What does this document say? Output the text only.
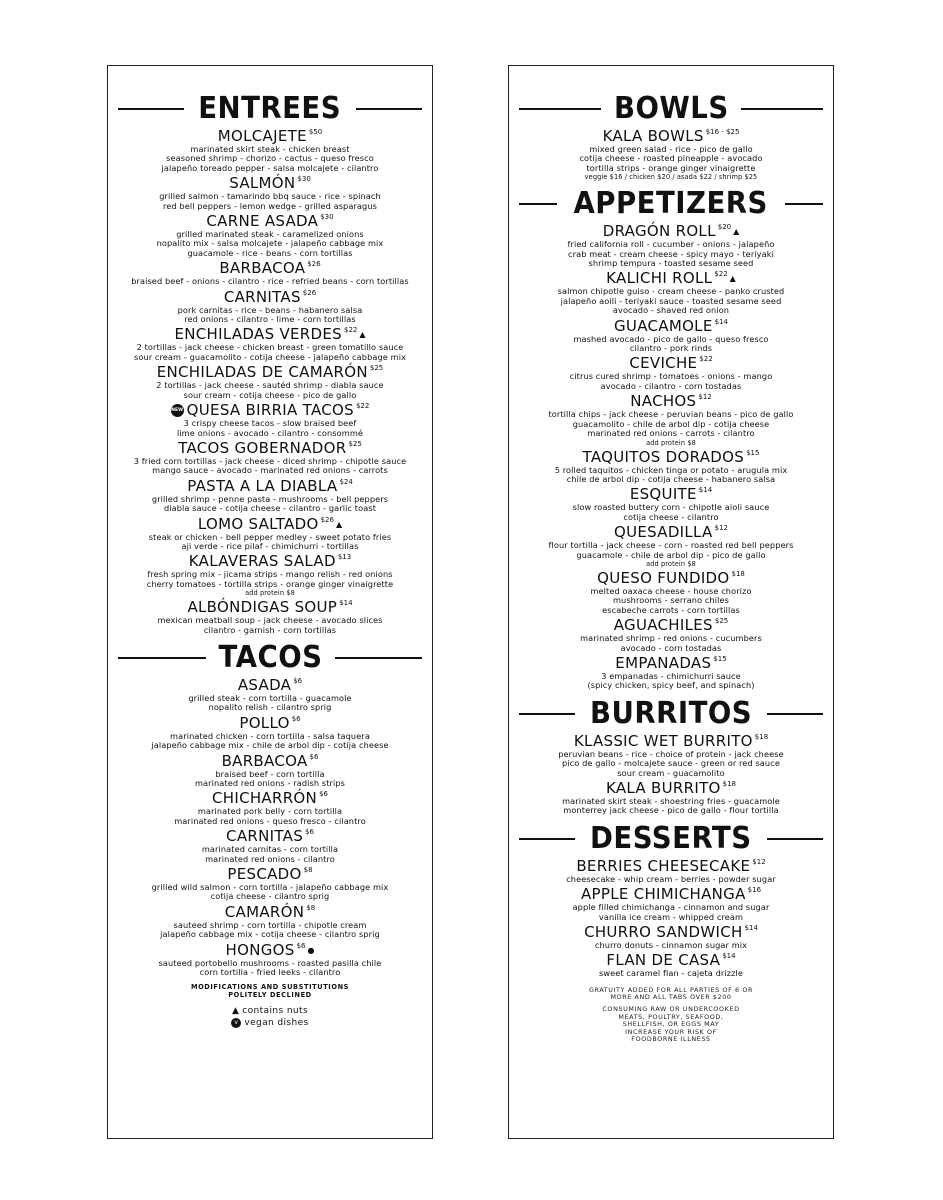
ENTREES
MOLCAJETE $^{\$50}$
marinated skirt steak - chicken breast
seasoned shrimp - chorizo - cactus - queso fresco
jalapeño toreado pepper - salsa molcajete - cilantro
SALMÓN $^{\$30}$
grilled salmon - tamarindo bbq sauce - rice - spinach
red bell peppers - lemon wedge - grilled asparagus
CARNE ASADA $^{\$30}$
grilled marinated steak - caramelized onions
nopalito mix - salsa molcajete - jalapeño cabbage mix
guacamole - rice - beans - corn tortillas
BARBACOA $^{\$26}$
braised beef - onions - cilantro - rice - refried beans - corn tortillas
CARNITAS $^{\$26}$
pork carnitas - rice - beans - habanero salsa
red onions - cilantro - lime - corn tortillas
ENCHILADAS VERDES $^{\$22}$ ▲
2 tortillas - jack cheese - chicken breast - green tomatillo sauce
sour cream - guacamolito - cotija cheese - jalapeño cabbage mix
ENCHILADAS DE CAMARÓN $^{\$25}$
2 tortillas - jack cheese - sautéd shrimp - diabla sauce
sour cream - cotija cheese - pico de gallo
NEW QUESA BIRRIA TACOS $^{\$22}$
3 crispy cheese tacos - slow braised beef
lime onions - avocado - cilantro - consommé
TACOS GOBERNADOR $^{\$25}$
3 fried corn tortillas - jack cheese - diced shrimp - chipotle sauce
mango sauce - avocado - marinated red onions - carrots
PASTA A LA DIABLA $^{\$24}$
grilled shrimp - penne pasta - mushrooms - bell peppers
diabla sauce - cotija cheese - cilantro - garlic toast
LOMO SALTADO $^{\$26}$ ▲
steak or chicken - bell pepper medley - sweet potato fries
aji verde - rice pilaf - chimichurri - tortillas
KALAVERAS SALAD $^{\$13}$
fresh spring mix - jicama strips - mango relish - red onions
cherry tomatoes - tortilla strips - orange ginger vinaigrette
add protein $8
ALBÓNDIGAS SOUP $^{\$14}$
mexican meatball soup - jack cheese - avocado slices
cilantro - garnish - corn tortillas
TACOS
ASADA $^{\$6}$
grilled steak - corn tortilla - guacamole
nopalito relish - cilantro sprig
POLLO $^{\$6}$
marinated chicken - corn tortilla - salsa taquera
jalapeño cabbage mix - chile de arbol dip - cotija cheese
BARBACOA $^{\$6}$
braised beef - corn tortilla
marinated red onions - radish strips
CHICHARRÓN $^{\$6}$
marinated pork belly - corn tortilla
marinated red onions - queso fresco - cilantro
CARNITAS $^{\$6}$
marinated carnitas - corn tortilla
marinated red onions - cilantro
PESCADO $^{\$8}$
grilled wild salmon - corn tortilla - jalapeño cabbage mix
cotija cheese - cilantro sprig
CAMARÓN $^{\$8}$
sauteed shrimp - corn tortilla - chipotle cream
jalapeño cabbage mix - cotija cheese - cilantro sprig
HONGOS $^{\$6}$ ●
sauteed portobello mushrooms - roasted pasilla chile
corn tortilla - fried leeks - cilantro
MODIFICATIONS AND SUBSTITUTIONS
POLITELY DECLINED
▲ contains nuts
v vegan dishes
BOWLS
KALA BOWLS $^{\$16 - \$25}$
mixed green salad - rice - pico de gallo
cotija cheese - roasted pineapple - avocado
tortilla strips - orange ginger vinaigrette
veggie $16 / chicken $20 / asada $22 / shrimp $25
APPETIZERS
DRAGÓN ROLL $^{\$20}$ ▲
fried california roll - cucumber - onions - jalapeño
crab meat - cream cheese - spicy mayo - teriyaki
shrimp tempura - toasted sesame seed
KALICHI ROLL $^{\$22}$ ▲
salmon chipotle guiso - cream cheese - panko crusted
jalapeño aoili - teriyaki sauce - toasted sesame seed
avocado - shaved red onion
GUACAMOLE $^{\$14}$
mashed avocado - pico de gallo - queso fresco
cilantro - pork rinds
CEVICHE $^{\$22}$
citrus cured shrimp - tomatoes - onions - mango
avocado - cilantro - corn tostadas
NACHOS $^{\$12}$
tortilla chips - jack cheese - peruvian beans - pico de gallo
guacamolito - chile de arbol dip - cotija cheese
marinated red onions - carrots - cilantro
add protein $8
TAQUITOS DORADOS $^{\$15}$
5 rolled taquitos - chicken tinga or potato - arugula mix
chile de arbol dip - cotija cheese - habanero salsa
ESQUITE $^{\$14}$
slow roasted buttery corn - chipotle aioli sauce
cotija cheese - cilantro
QUESADILLA $^{\$12}$
flour tortilla - jack cheese - corn - roasted red bell peppers
guacamole - chile de arbol dip - pico de gallo
add protein $8
QUESO FUNDIDO $^{\$18}$
melted oaxaca cheese - house chorizo
mushrooms - serrano chiles
escabeche carrots - corn tortillas
AGUACHILES $^{\$25}$
marinated shrimp - red onions - cucumbers
avocado - corn tostadas
EMPANADAS $^{\$15}$
3 empanadas - chimichurri sauce
(spicy chicken, spicy beef, and spinach)
BURRITOS
KLASSIC WET BURRITO $^{\$18}$
peruvian beans - rice - choice of protein - jack cheese
pico de gallo - molcajete sauce - green or red sauce
sour cream - guacamolito
KALA BURRITO $^{\$18}$
marinated skirt steak - shoestring fries - guacamole
monterrey jack cheese - pico de gallo - flour tortilla
DESSERTS
BERRIES CHEESECAKE $^{\$12}$
cheesecake - whip cream - berries - powder sugar
APPLE CHIMICHANGA $^{\$16}$
apple filled chimichanga - cinnamon and sugar
vanilla ice cream - whipped cream
CHURRO SANDWICH $^{\$14}$
churro donuts - cinnamon sugar mix
FLAN DE CASA $^{\$14}$
sweet caramel flan - cajeta drizzle
GRATUITY ADDED FOR ALL PARTIES OF 6 OR
MORE AND ALL TABS OVER $200
CONSUMING RAW OR UNDERCOOKED
MEATS, POULTRY, SEAFOOD,
SHELLFISH, OR EGGS MAY
INCREASE YOUR RISK OF
FOODBORNE ILLNESS
